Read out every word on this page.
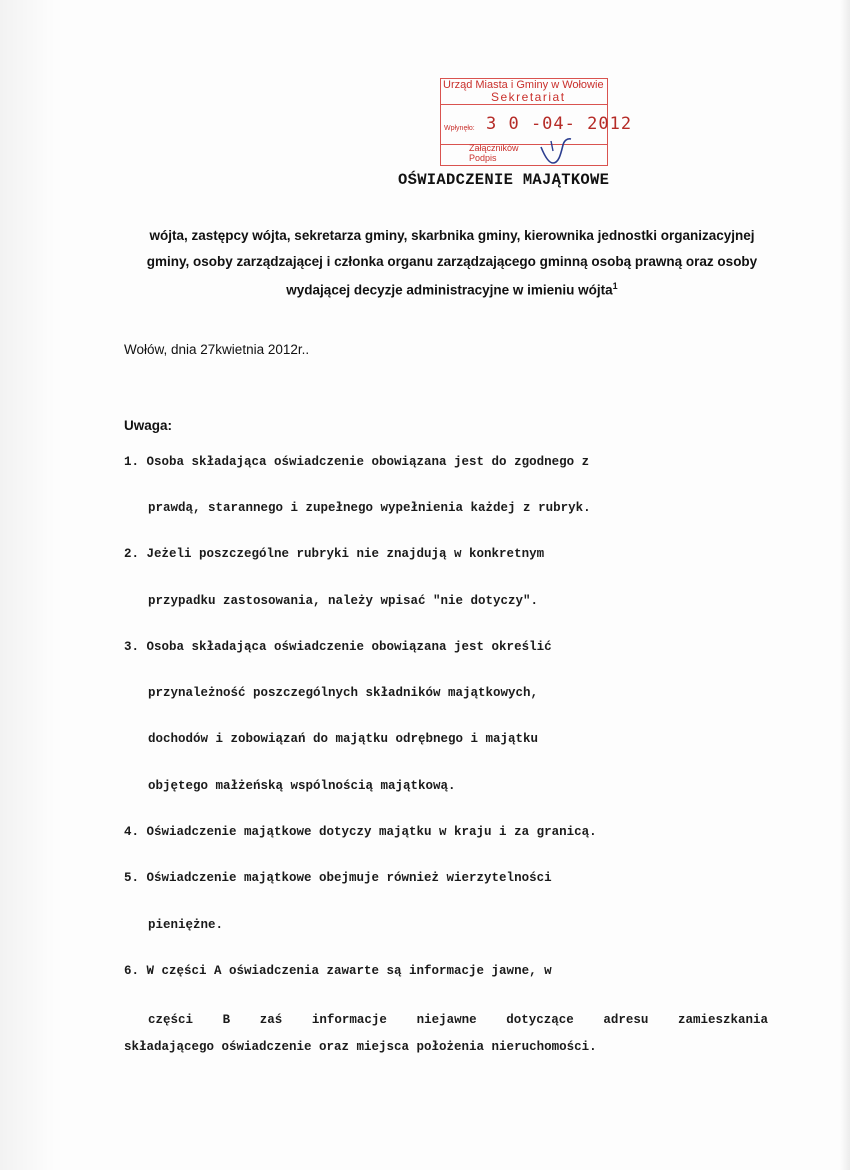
Urząd Miasta i Gminy w Wołowie
Sekretariat
Wpłynęło: 3 0 -04- 2012
Załączników
Podpis
OŚWIADCZENIE MAJĄTKOWE
wójta, zastępcy wójta, sekretarza gminy, skarbnika gminy, kierownika jednostki organizacyjnej
gminy, osoby zarządzającej i członka organu zarządzającego gminną osobą prawną oraz osoby
wydającej decyzje administracyjne w imieniu wójta$^1$
Wołów, dnia 27kwietnia 2012r..
Uwaga:
1. Osoba składająca oświadczenie obowiązana jest do zgodnego z
prawdą, starannego i zupełnego wypełnienia każdej z rubryk.
2. Jeżeli poszczególne rubryki nie znajdują w konkretnym
przypadku zastosowania, należy wpisać "nie dotyczy".
3. Osoba składająca oświadczenie obowiązana jest określić
przynależność poszczególnych składników majątkowych,
dochodów i zobowiązań do majątku odrębnego i majątku
objętego małżeńską wspólnością majątkową.
4. Oświadczenie majątkowe dotyczy majątku w kraju i za granicą.
5. Oświadczenie majątkowe obejmuje również wierzytelności
pieniężne.
6. W części A oświadczenia zawarte są informacje jawne, w
części B zaś informacje niejawne dotyczące adresu zamieszkania
składającego oświadczenie oraz miejsca położenia nieruchomości.
